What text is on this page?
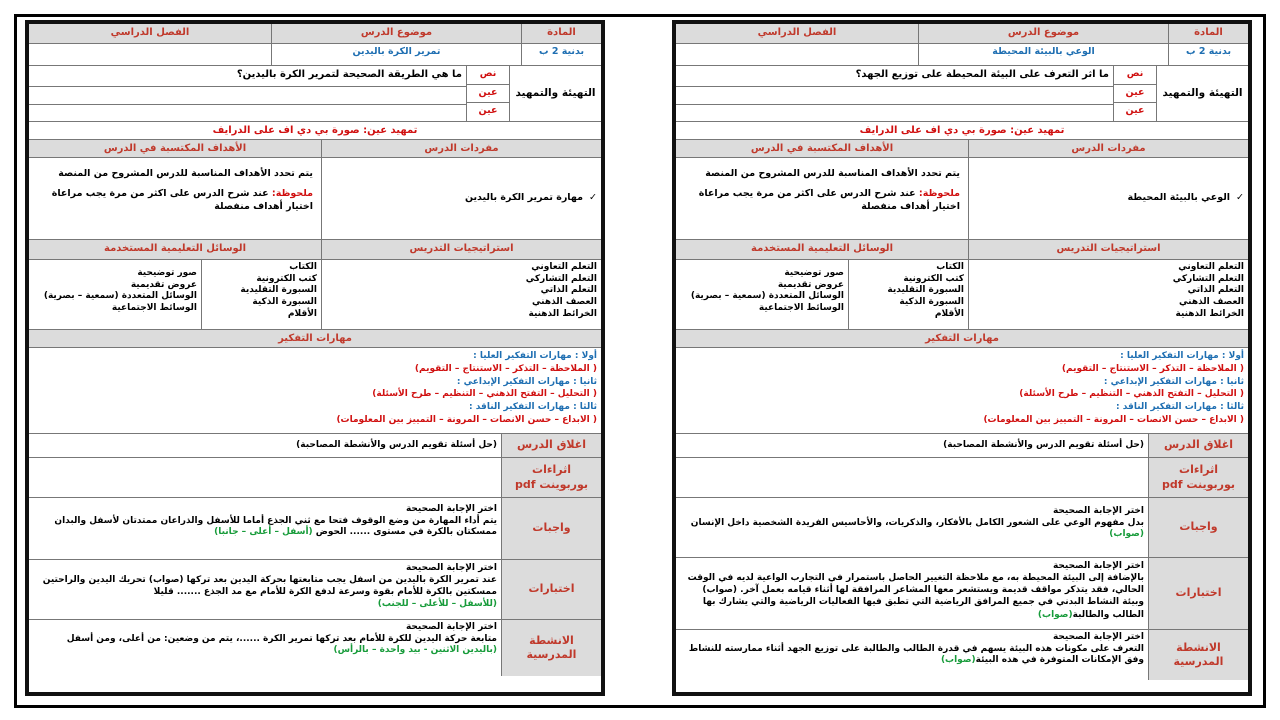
المادة
موضوع الدرس
الفصل الدراسي
بدنية 2 ب
الوعي بالبيئة المحيطة
التهيئة والتمهيد
نص
عين
عين
ما اثر التعرف على البيئة المحيطة على توزيع الجهد؟
تمهيد عين: صورة بي دي اف على الدرايف
مفردات الدرس
الأهداف المكتسبة في الدرس
✓
الوعي بالبيئة المحيطة
يتم تحدد الأهداف المناسبة للدرس المشروح من المنصة
ملحوظة: عند شرح الدرس على اكثر من مرة يجب مراعاة اختيار أهداف منفصلة
استراتيجيات التدريس
الوسائل التعليمية المستخدمة
التعلم التعاوني
التعلم التشاركي
التعلم الذاتي
العصف الذهني
الخرائط الذهنية
الكتاب
كتب الكترونية
السبورة التقليدية
السبورة الذكية
الأقلام
صور توضيحية
عروض تقديمية
الوسائل المتعددة (سمعية – بصرية)
الوسائط الاجتماعية
مهارات التفكير
أولا : مهارات التفكير العليا :
( الملاحظة – التذكر – الاستنتاج – التقويم)
ثانيا : مهارات التفكير الإبداعي :
( التحليل – التفتح الذهني – التنظيم – طرح الأسئلة)
ثالثا : مهارات التفكير الناقد :
( الابداع – حسن الانصات – المرونة – التمييز بين المعلومات)
اغلاق الدرس
(حل أسئلة تقويم الدرس والأنشطة المصاحبة)
اثراءات
بوربوينت pdf
واجبات
اختر الإجابة الصحيحة
بدل مفهوم الوعي على الشعور الكامل بالأفكار، والذكريات، والأحاسيس الفريدة الشخصية داخل الإنسان (صواب)
اختبارات
اختر الإجابة الصحيحة
بالإضافة إلى البيئة المحيطة به، مع ملاحظة التغيير الحاصل باستمرار في التجارب الواعية لديه في الوقت الحالي، فقد يتذكر مواقف قديمة ويستشعر معها المشاعر المرافقة لها أثناء قيامه بعمل آخر. (صواب) وبيئة النشاط البدني في جميع المرافق الرياضية التي تطبق فيها الفعاليات الرياضية والتي يشارك بها الطالب والطالبة(صواب)
الانشطة المدرسية
اختر الإجابة الصحيحة
التعرف على مكونات هذه البيئة يسهم في قدرة الطالب والطالبة على توزيع الجهد أثناء ممارسته للنشاط وفق الإمكانات المتوفرة في هذه البيئة(صواب)
المادة
موضوع الدرس
الفصل الدراسي
بدنية 2 ب
تمرير الكرة باليدين
التهيئة والتمهيد
نص
عين
عين
ما هي الطريقة الصحيحة لتمرير الكرة باليدين؟
تمهيد عين: صورة بي دي اف على الدرايف
مفردات الدرس
الأهداف المكتسبة في الدرس
✓
مهارة تمرير الكرة باليدين
يتم تحدد الأهداف المناسبة للدرس المشروح من المنصة
ملحوظة: عند شرح الدرس على اكثر من مرة يجب مراعاة اختيار أهداف منفصلة
استراتيجيات التدريس
الوسائل التعليمية المستخدمة
التعلم التعاوني
التعلم التشاركي
التعلم الذاتي
العصف الذهني
الخرائط الذهنية
الكتاب
كتب الكترونية
السبورة التقليدية
السبورة الذكية
الأقلام
صور توضيحية
عروض تقديمية
الوسائل المتعددة (سمعية – بصرية)
الوسائط الاجتماعية
مهارات التفكير
أولا : مهارات التفكير العليا :
( الملاحظة – التذكر – الاستنتاج – التقويم)
ثانيا : مهارات التفكير الإبداعي :
( التحليل – التفتح الذهني – التنظيم – طرح الأسئلة)
ثالثا : مهارات التفكير الناقد :
( الابداع – حسن الانصات – المرونة – التمييز بين المعلومات)
اغلاق الدرس
(حل أسئلة تقويم الدرس والأنشطة المصاحبة)
اثراءات
بوربوينت pdf
واجبات
اختر الإجابة الصحيحة
يتم أداء المهارة من وضع الوقوف فتحا مع ثني الجذع أماما للأسفل والذراعان ممتدتان لأسفل والبدان ممسكتان بالكرة في مستوى ...... الحوض (أسفل – أعلى – جانبا)
اختبارات
اختر الإجابة الصحيحة
عند تمرير الكرة باليدين من اسفل يجب متابعتها بحركة اليدين بعد تركها (صواب) تحريك اليدين والراحتين ممسكتين بالكرة للأمام بقوة وسرعة لدفع الكرة للأمام مع مد الجذع ....... قليلا
(للأسفل – للأعلى – للجنب)
الانشطة المدرسية
اختر الإجابة الصحيحة
متابعة حركة اليدين للكرة للأمام بعد تركها تمرير الكرة ......، يتم من وضعين: من أعلى، ومن أسفل
(باليدين الاثنين - بيد واحدة – بالرأس)
